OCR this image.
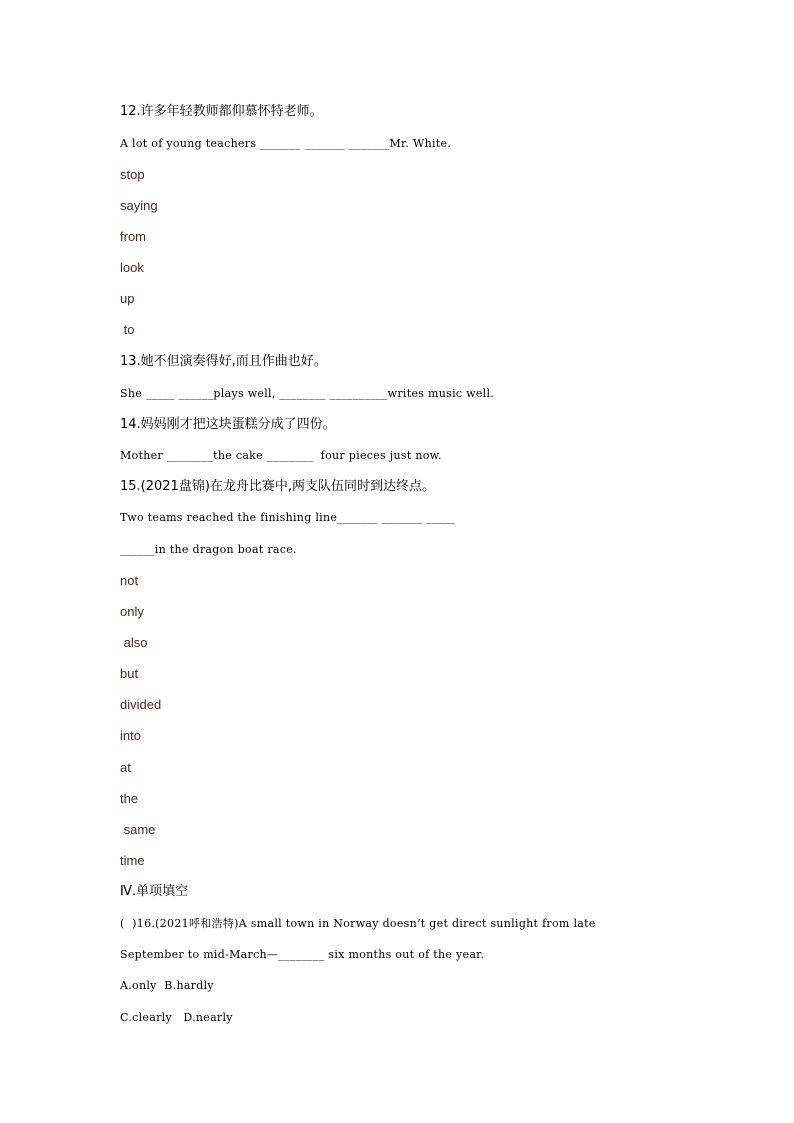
12.许多年轻教师都仰慕怀特老师。
A lot of young teachers _______ _______ _______Mr. White.
stop
saying
from
look
up
to
13.她不但演奏得好,而且作曲也好。
She _____ ______plays well, ________ __________writes music well.
14.妈妈刚才把这块蛋糕分成了四份。
Mother ________the cake ________  four pieces just now.
15.(2021盘锦)在龙舟比赛中,两支队伍同时到达终点。
Two teams reached the finishing line_______ _______ _____
______in the dragon boat race.
not
only
also
but
divided
into
at
the
same
time
Ⅳ.单项填空
(  )16.(2021呼和浩特)A small town in Norway doesn’t get direct sunlight from late
September to mid-March—________ six months out of the year.
A.only  B.hardly
C.clearly   D.nearly
